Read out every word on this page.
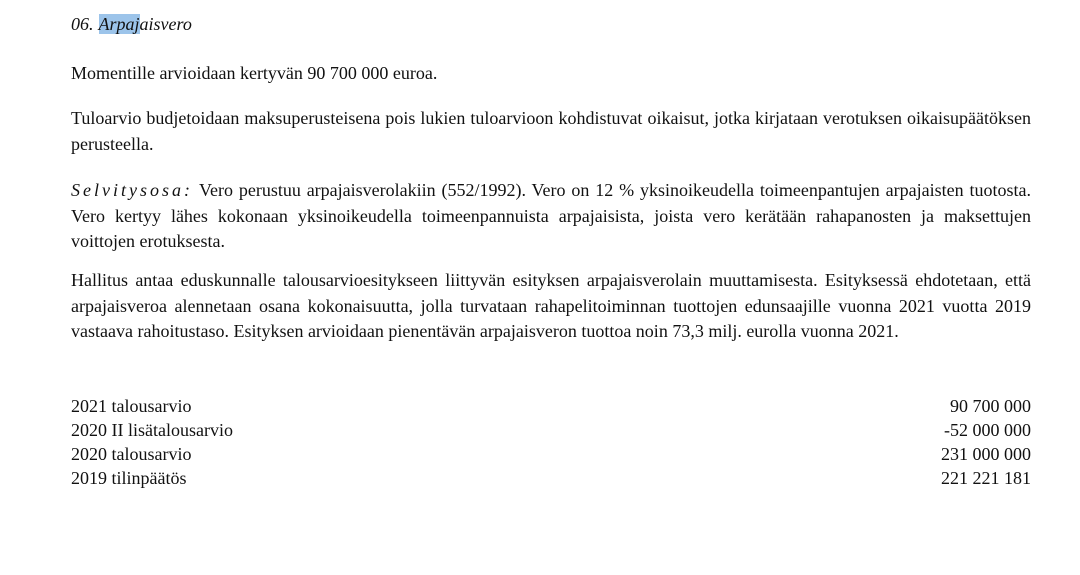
06. Arpajaisvero

Momentille arvioidaan kertyvän 90 700 000 euroa.

Tuloarvio budjetoidaan maksuperusteisena pois lukien tuloarvioon kohdistuvat oikaisut, jotka kirjataan verotuksen oikaisupäätöksen perusteella.

Selvitysosa: Vero perustuu arpajaisverolakiin (552/1992). Vero on 12 % yksinoikeudella toimeenpantujen arpajaisten tuotosta. Vero kertyy lähes kokonaan yksinoikeudella toimeenpannuista arpajaisista, joista vero kerätään rahapanosten ja maksettujen voittojen erotuksesta.

Hallitus antaa eduskunnalle talousarvioesitykseen liittyvän esityksen arpajaisverolain muuttamisesta. Esityksessä ehdotetaan, että arpajaisveroa alennetaan osana kokonaisuutta, jolla turvataan rahapelitoiminnan tuottojen edunsaajille vuonna 2021 vuotta 2019 vastaava rahoitustaso. Esityksen arvioidaan pienentävän arpajaisveron tuottoa noin 73,3 milj. eurolla vuonna 2021.

2021 talousarvio	90 700 000
2020 II lisätalousarvio	-52 000 000
2020 talousarvio	231 000 000
2019 tilinpäätös	221 221 181
